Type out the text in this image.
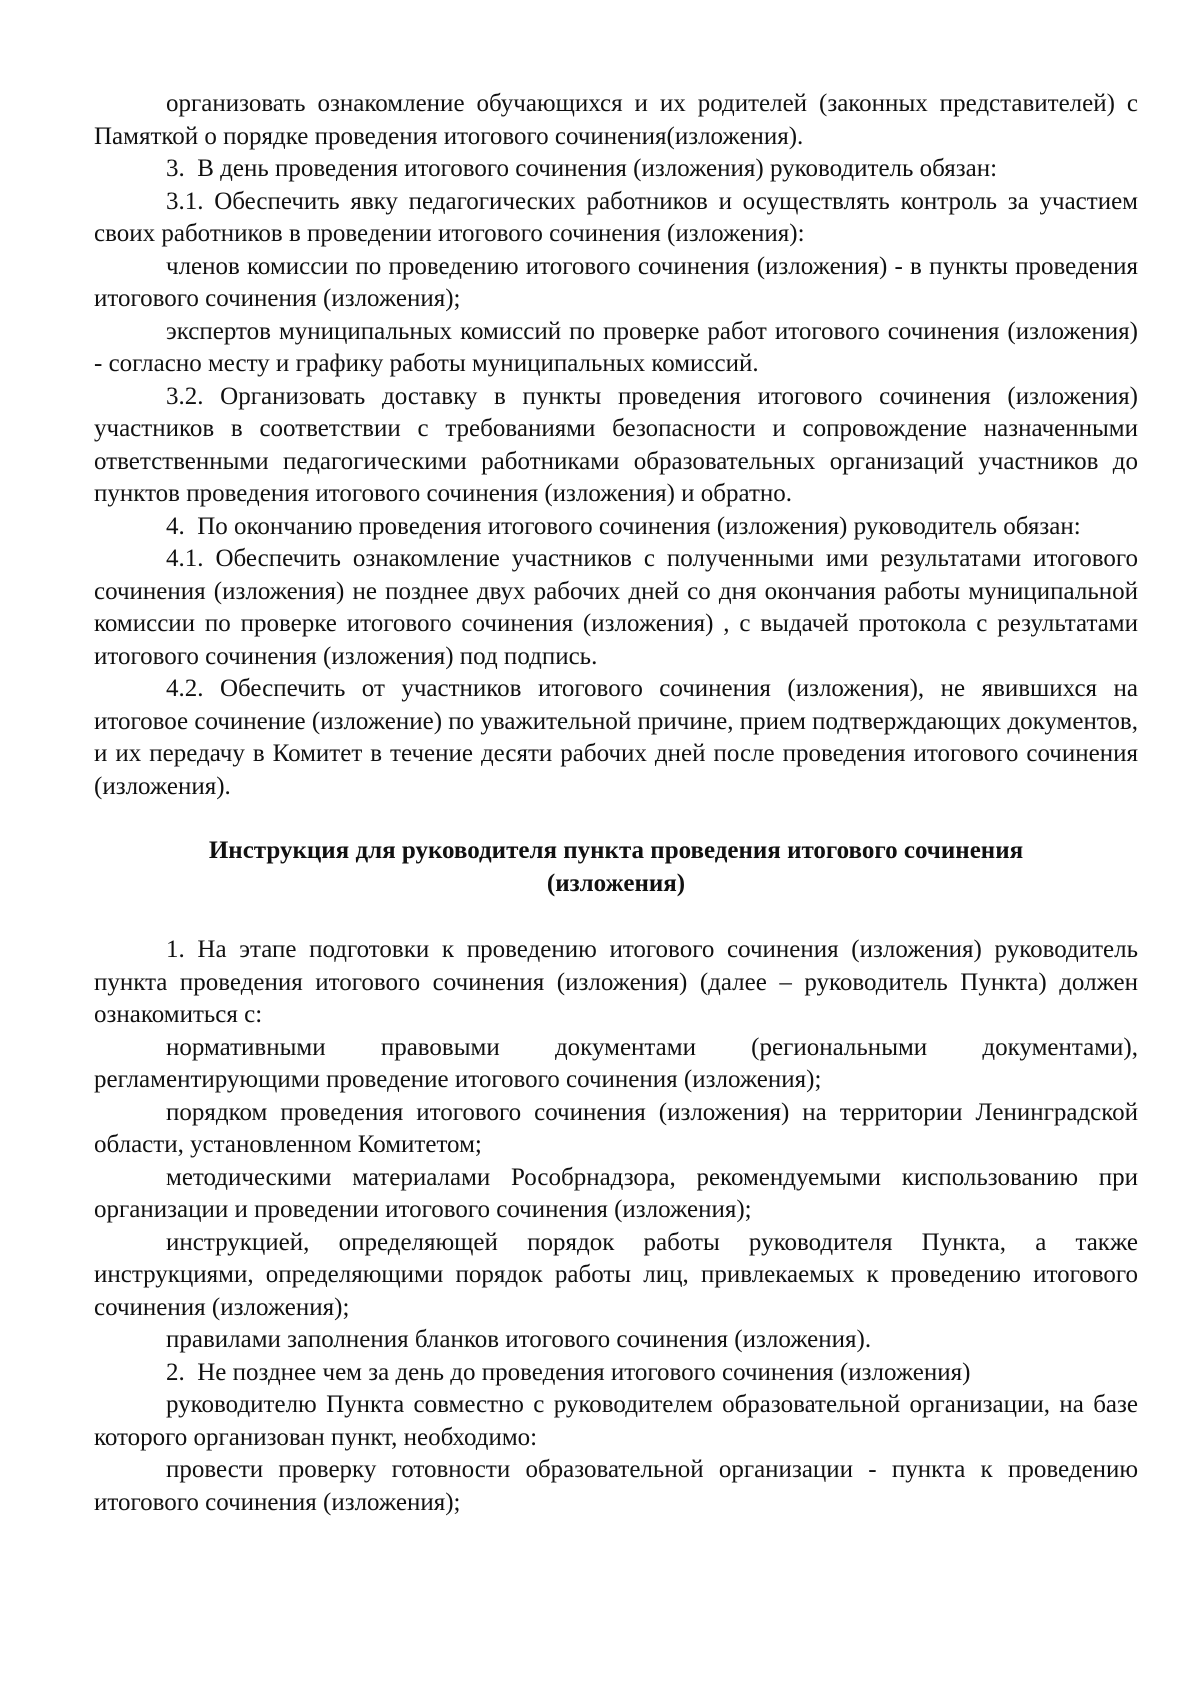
организовать ознакомление обучающихся и их родителей (законных представителей) с Памяткой о порядке проведения итогового сочинения(изложения).

3.  В день проведения итогового сочинения (изложения) руководитель обязан:

3.1. Обеспечить явку педагогических работников и осуществлять контроль за участием своих работников в проведении итогового сочинения (изложения):

членов комиссии по проведению итогового сочинения (изложения) - в пункты проведения итогового сочинения (изложения);

экспертов муниципальных комиссий по проверке работ итогового сочинения (изложения) - согласно месту и графику работы муниципальных комиссий.

3.2. Организовать доставку в пункты проведения итогового сочинения (изложения) участников в соответствии с требованиями безопасности и сопровождение назначенными ответственными педагогическими работниками образовательных организаций участников до пунктов проведения итогового сочинения (изложения) и обратно.

4.  По окончанию проведения итогового сочинения (изложения) руководитель обязан:

4.1. Обеспечить ознакомление участников с полученными ими результатами итогового сочинения (изложения) не позднее двух рабочих дней со дня окончания работы муниципальной комиссии по проверке итогового сочинения (изложения) , с выдачей протокола с результатами итогового сочинения (изложения) под подпись.

4.2. Обеспечить от участников итогового сочинения (изложения), не явившихся на итоговое сочинение (изложение) по уважительной причине, прием подтверждающих документов, и их передачу в Комитет в течение десяти рабочих дней после проведения итогового сочинения (изложения).

Инструкция для руководителя пункта проведения итогового сочинения
(изложения)

1. На этапе подготовки к проведению итогового сочинения (изложения) руководитель пункта проведения итогового сочинения (изложения) (далее – руководитель Пункта) должен ознакомиться с:

нормативными правовыми документами (региональными документами), регламентирующими проведение итогового сочинения (изложения);

порядком проведения итогового сочинения (изложения) на территории Ленинградской области, установленном Комитетом;

методическими материалами Рособрнадзора, рекомендуемыми киспользованию при организации и проведении итогового сочинения (изложения);

инструкцией, определяющей порядок работы руководителя Пункта, а также инструкциями, определяющими порядок работы лиц, привлекаемых к проведению итогового сочинения (изложения);

правилами заполнения бланков итогового сочинения (изложения).

2.  Не позднее чем за день до проведения итогового сочинения (изложения)

руководителю Пункта совместно с руководителем образовательной организации, на базе которого организован пункт, необходимо:

провести проверку готовности образовательной организации - пункта к проведению итогового сочинения (изложения);
